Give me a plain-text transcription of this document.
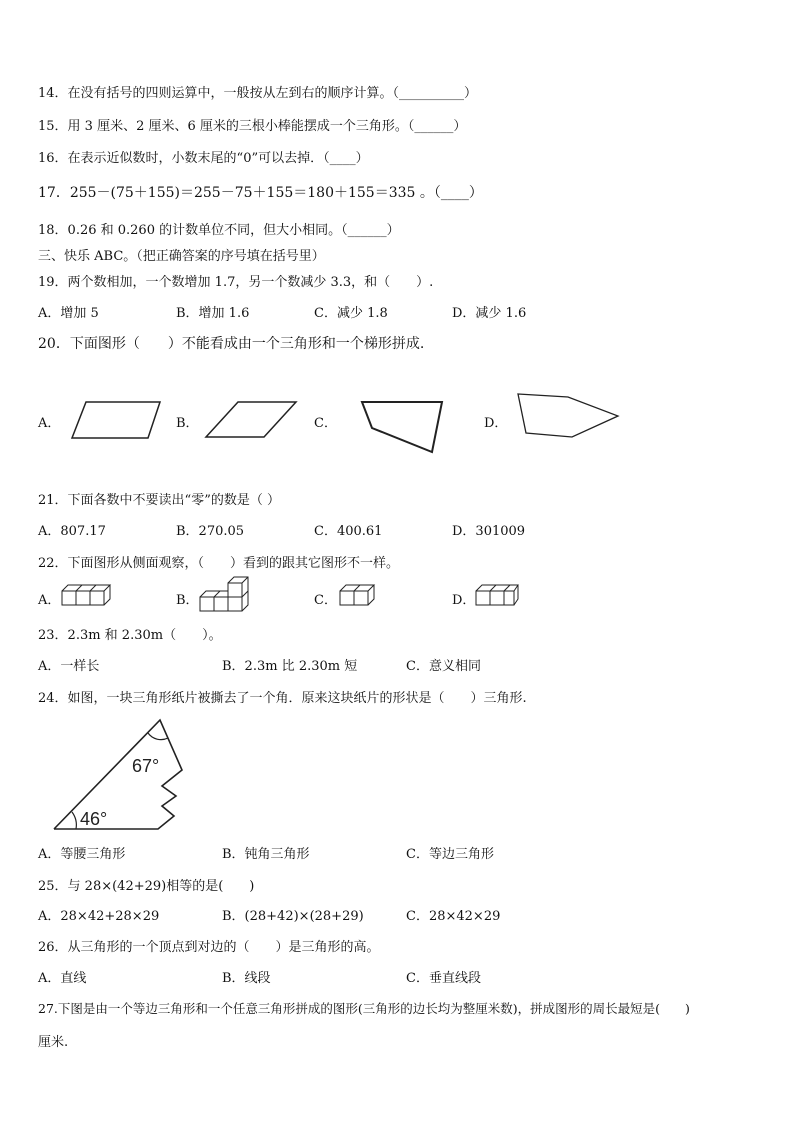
14．在没有括号的四则运算中，一般按从左到右的顺序计算。（__________）
15．用 3 厘米、2 厘米、6 厘米的三根小棒能摆成一个三角形。（______）
16．在表示近似数时，小数末尾的“0”可以去掉．（____）
17．255－(75＋155)＝255－75＋155＝180＋155＝335 。（____）
18．0.26 和 0.260 的计数单位不同，但大小相同。（______）
三、快乐 ABC。（把正确答案的序号填在括号里）
19．两个数相加，一个数增加 1.7，另一个数减少 3.3，和（　　）.
A．增加 5	B．增加 1.6	C．减少 1.8	D．减少 1.6
20．下面图形（　　）不能看成由一个三角形和一个梯形拼成.
A．	B．	C．	D．
21．下面各数中不要读出“零”的数是（ ）
A．807.17	B．270.05	C．400.61	D．301009
22．下面图形从侧面观察，（　　）看到的跟其它图形不一样。
A．	B．	C．	D．
23．2.3m 和 2.30m（　　）。
A．一样长	B．2.3m 比 2.30m 短	C．意义相同
24．如图，一块三角形纸片被撕去了一个角．原来这块纸片的形状是（　　）三角形.
67°
46°
A．等腰三角形	B．钝角三角形	C．等边三角形
25．与 28×(42+29)相等的是(　　)
A．28×42+28×29	B．(28+42)×(28+29)	C．28×42×29
26．从三角形的一个顶点到对边的（　　）是三角形的高。
A．直线	B．线段	C．垂直线段
27.下图是由一个等边三角形和一个任意三角形拼成的图形(三角形的边长均为整厘米数)，拼成图形的周长最短是(　　)
厘米.
